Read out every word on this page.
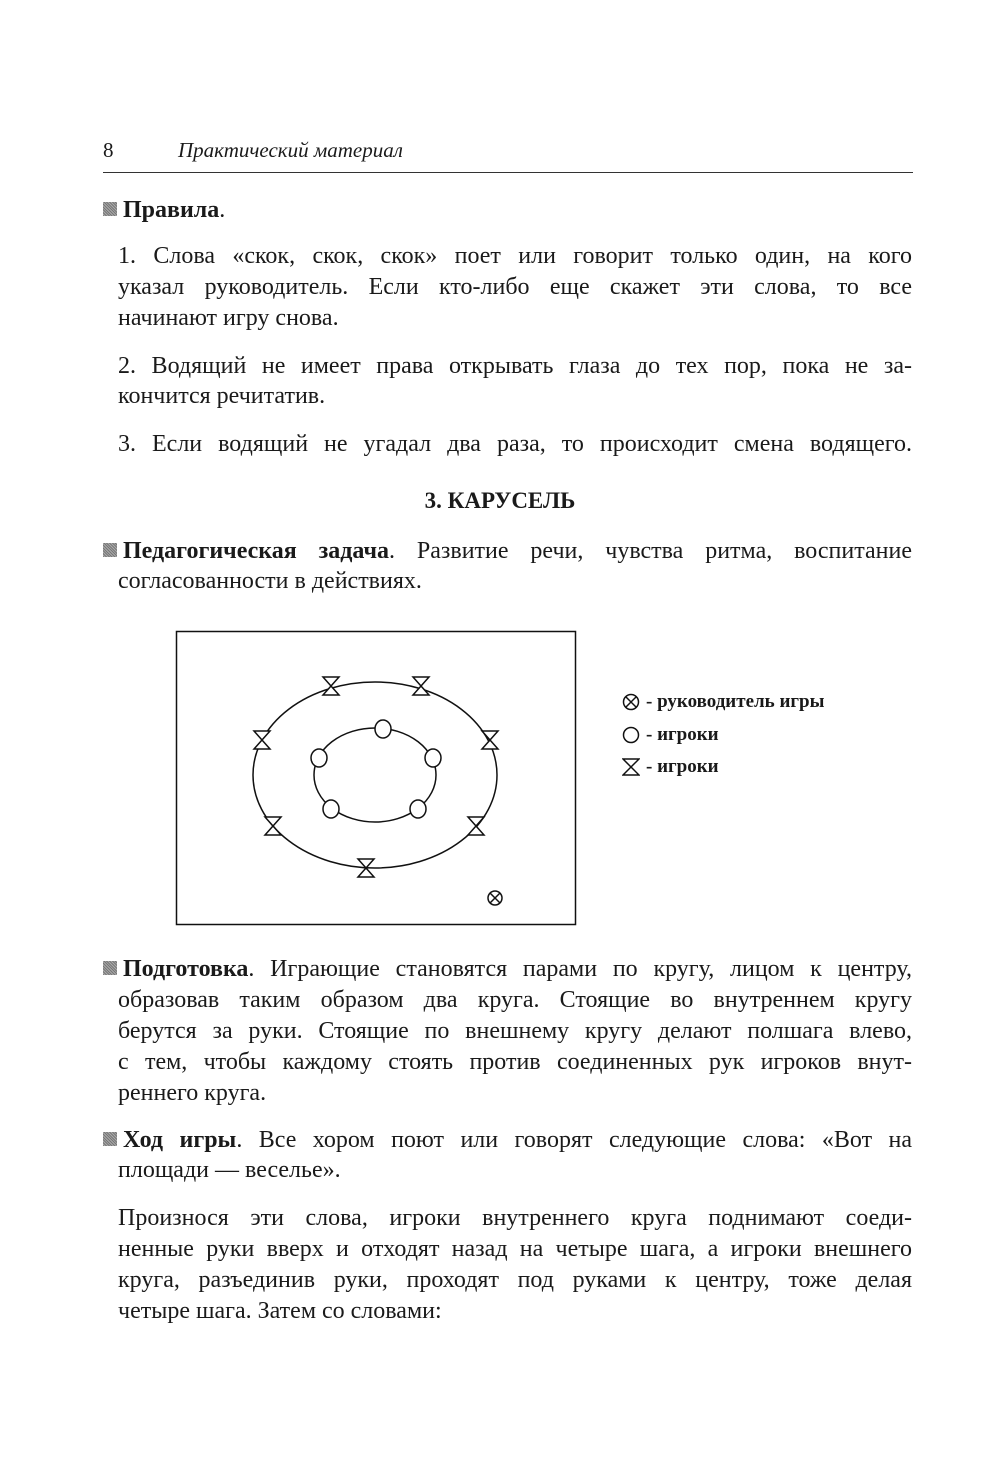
8	Практический материал
Правила.
1. Слова «скок, скок, скок» поет или говорит только один, на кого
указал руководитель. Если кто-либо еще скажет эти слова, то все
начинают игру снова.
2. Водящий не имеет права открывать глаза до тех пор, пока не за-
кончится речитатив.
3. Если водящий не угадал два раза, то происходит смена водящего.
3. КАРУСЕЛЬ
Педагогическая задача. Развитие речи, чувства ритма, воспитание
согласованности в действиях.
- руководитель игры
- игроки
- игроки
Подготовка. Играющие становятся парами по кругу, лицом к центру,
образовав таким образом два круга. Стоящие во внутреннем кругу
берутся за руки. Стоящие по внешнему кругу делают полшага влево,
с тем, чтобы каждому стоять против соединенных рук игроков внут-
реннего круга.
Ход игры. Все хором поют или говорят следующие слова: «Вот на
площади — веселье».
Произнося эти слова, игроки внутреннего круга поднимают соеди-
ненные руки вверх и отходят назад на четыре шага, а игроки внешнего
круга, разъединив руки, проходят под руками к центру, тоже делая
четыре шага. Затем со словами:
